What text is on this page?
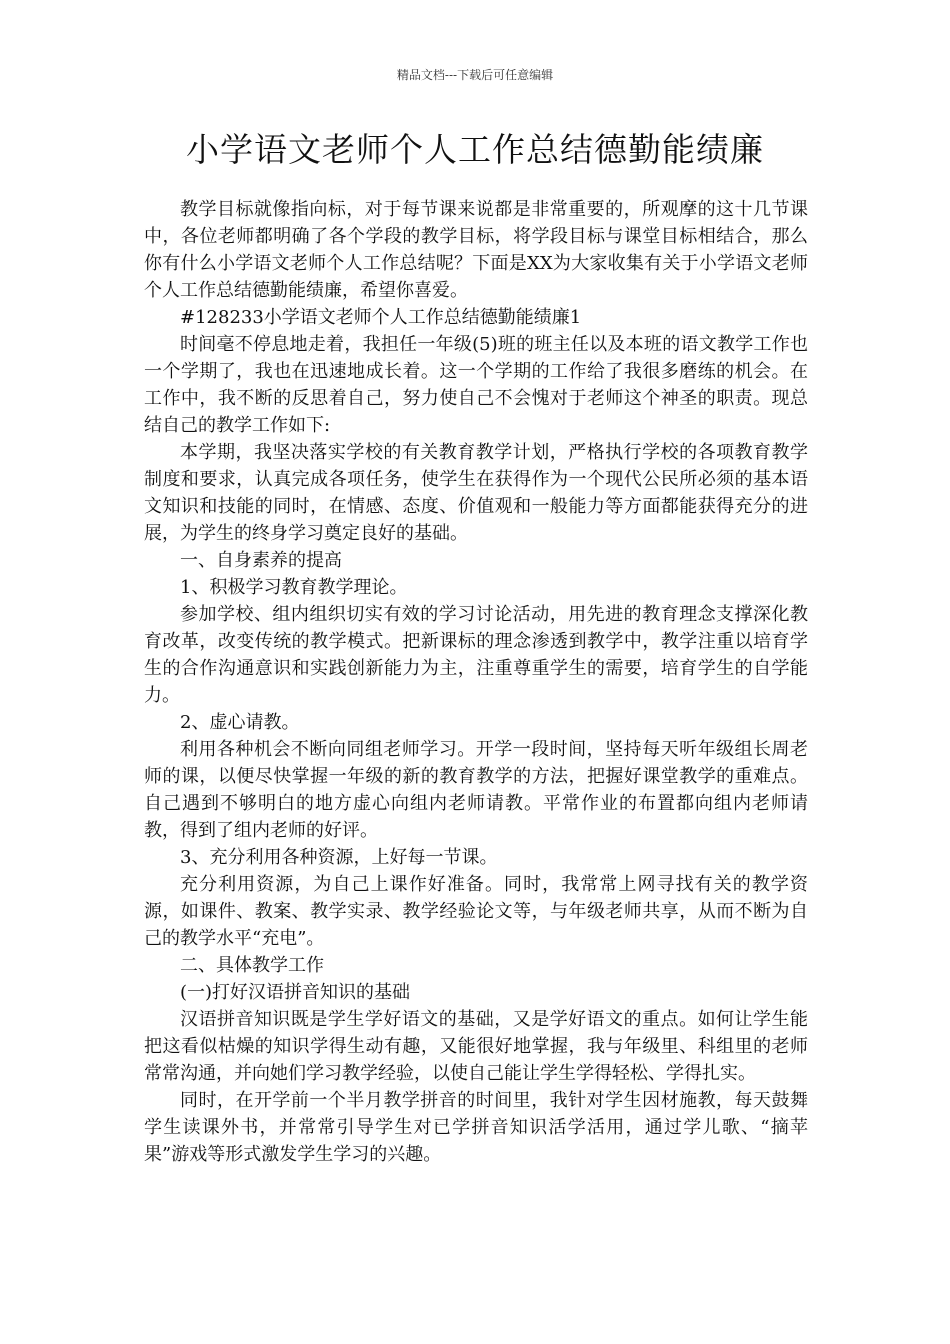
精品文档---下载后可任意编辑
小学语文老师个人工作总结德勤能绩廉

教学目标就像指向标，对于每节课来说都是非常重要的，所观摩的这十几节课中，各位老师都明确了各个学段的教学目标，将学段目标与课堂目标相结合，那么你有什么小学语文老师个人工作总结呢？下面是XX为大家收集有关于小学语文老师个人工作总结德勤能绩廉，希望你喜爱。

#128233小学语文老师个人工作总结德勤能绩廉1

时间毫不停息地走着，我担任一年级(5)班的班主任以及本班的语文教学工作也一个学期了，我也在迅速地成长着。这一个学期的工作给了我很多磨练的机会。在工作中，我不断的反思着自己，努力使自己不会愧对于老师这个神圣的职责。现总结自己的教学工作如下:

本学期，我坚决落实学校的有关教育教学计划，严格执行学校的各项教育教学制度和要求，认真完成各项任务，使学生在获得作为一个现代公民所必须的基本语文知识和技能的同时，在情感、态度、价值观和一般能力等方面都能获得充分的进展，为学生的终身学习奠定良好的基础。

一、自身素养的提高

1、积极学习教育教学理论。

参加学校、组内组织切实有效的学习讨论活动，用先进的教育理念支撑深化教育改革，改变传统的教学模式。把新课标的理念渗透到教学中，教学注重以培育学生的合作沟通意识和实践创新能力为主，注重尊重学生的需要，培育学生的自学能力。

2、虚心请教。

利用各种机会不断向同组老师学习。开学一段时间，坚持每天听年级组长周老师的课，以便尽快掌握一年级的新的教育教学的方法，把握好课堂教学的重难点。自己遇到不够明白的地方虚心向组内老师请教。平常作业的布置都向组内老师请教，得到了组内老师的好评。

3、充分利用各种资源，上好每一节课。

充分利用资源，为自己上课作好准备。同时，我常常上网寻找有关的教学资源，如课件、教案、教学实录、教学经验论文等，与年级老师共享，从而不断为自己的教学水平“充电”。

二、具体教学工作

(一)打好汉语拼音知识的基础

汉语拼音知识既是学生学好语文的基础，又是学好语文的重点。如何让学生能把这看似枯燥的知识学得生动有趣，又能很好地掌握，我与年级里、科组里的老师常常沟通，并向她们学习教学经验，以使自己能让学生学得轻松、学得扎实。

同时，在开学前一个半月教学拼音的时间里，我针对学生因材施教，每天鼓舞学生读课外书，并常常引导学生对已学拼音知识活学活用，通过学儿歌、“摘苹果”游戏等形式激发学生学习的兴趣。
